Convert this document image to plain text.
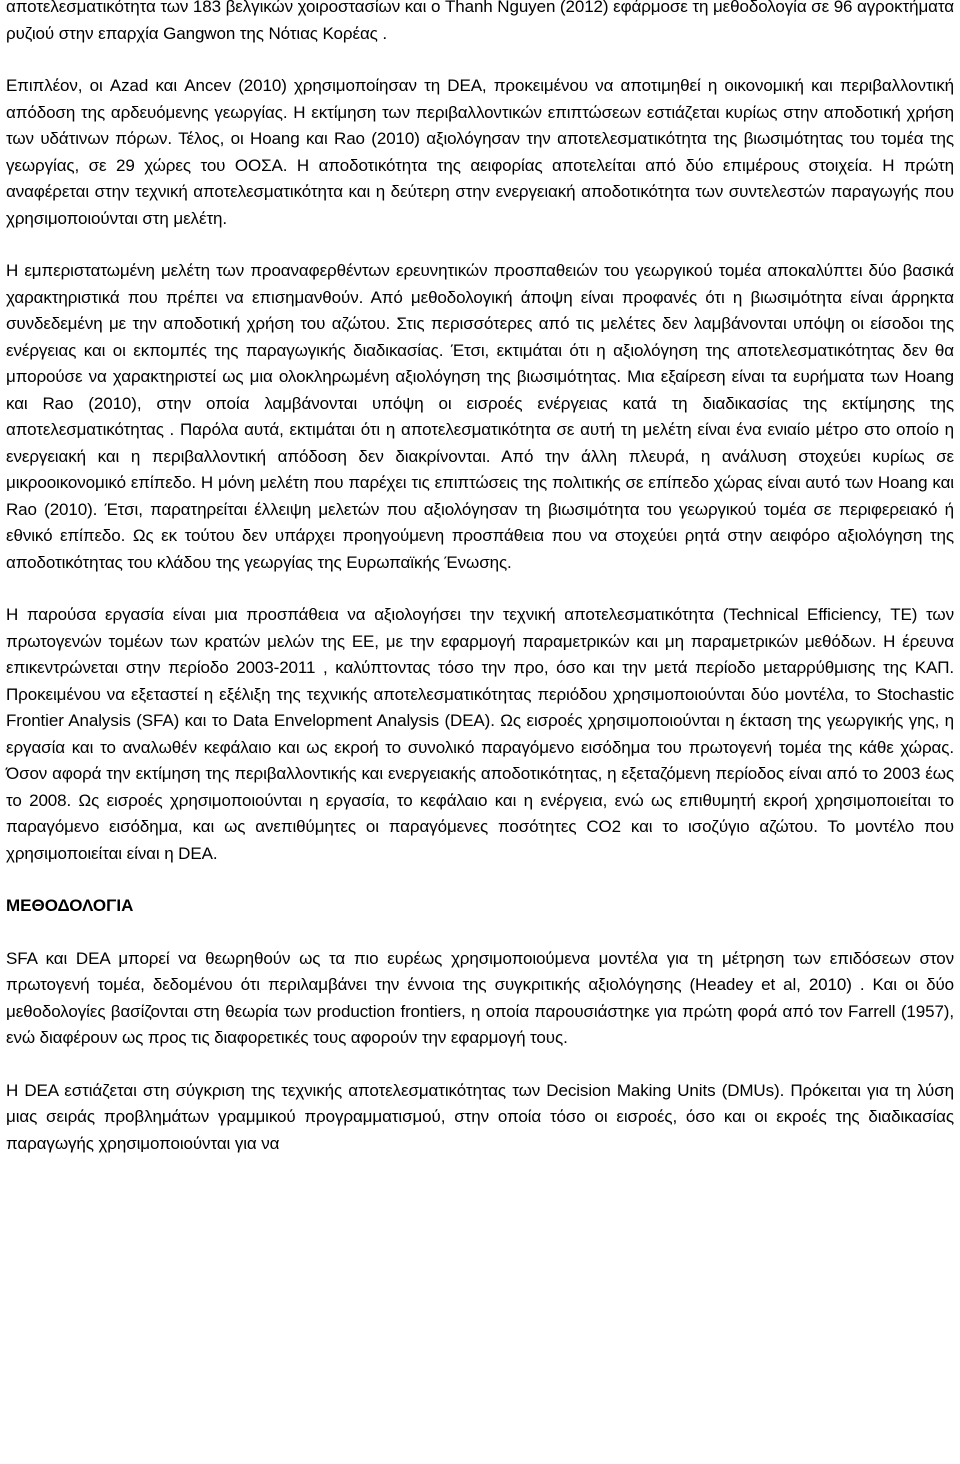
αποτελεσματικότητα των 183 βελγικών χοιροστασίων και ο Thanh Nguyen (2012) εφάρμοσε τη μεθοδολογία σε 96 αγροκτήματα ρυζιού στην επαρχία Gangwon της Νότιας Κορέας .

Επιπλέον, οι Azad και Ancev (2010) χρησιμοποίησαν τη DEA, προκειμένου να αποτιμηθεί η οικονομική και περιβαλλοντική απόδοση της αρδευόμενης γεωργίας. Η εκτίμηση των περιβαλλοντικών επιπτώσεων εστιάζεται κυρίως στην αποδοτική χρήση των υδάτινων πόρων. Τέλος, οι Hoang και Rao (2010) αξιολόγησαν την αποτελεσματικότητα της βιωσιμότητας του τομέα της γεωργίας, σε 29 χώρες του ΟΟΣΑ. Η αποδοτικότητα της αειφορίας αποτελείται από δύο επιμέρους στοιχεία. Η πρώτη αναφέρεται στην τεχνική αποτελεσματικότητα και η δεύτερη στην ενεργειακή αποδοτικότητα των συντελεστών παραγωγής που χρησιμοποιούνται στη μελέτη.

Η εμπεριστατωμένη μελέτη των προαναφερθέντων ερευνητικών προσπαθειών του γεωργικού τομέα αποκαλύπτει δύο βασικά χαρακτηριστικά που πρέπει να επισημανθούν. Από μεθοδολογική άποψη είναι προφανές ότι η βιωσιμότητα είναι άρρηκτα συνδεδεμένη με την αποδοτική χρήση του αζώτου. Στις περισσότερες από τις μελέτες δεν λαμβάνονται υπόψη οι είσοδοι της ενέργειας και οι εκπομπές της παραγωγικής διαδικασίας. Έτσι, εκτιμάται ότι η αξιολόγηση της αποτελεσματικότητας δεν θα μπορούσε να χαρακτηριστεί ως μια ολοκληρωμένη αξιολόγηση της βιωσιμότητας. Μια εξαίρεση είναι τα ευρήματα των Hoang και Rao (2010), στην οποία λαμβάνονται υπόψη οι εισροές ενέργειας κατά τη διαδικασίας της εκτίμησης της αποτελεσματικότητας . Παρόλα αυτά, εκτιμάται ότι η αποτελεσματικότητα σε αυτή τη μελέτη είναι ένα ενιαίο μέτρο στο οποίο η ενεργειακή και η περιβαλλοντική απόδοση δεν διακρίνονται. Από την άλλη πλευρά, η ανάλυση στοχεύει κυρίως σε μικροοικονομικό επίπεδο. Η μόνη μελέτη που παρέχει τις επιπτώσεις της πολιτικής σε επίπεδο χώρας είναι αυτό των Hoang και Rao (2010). Έτσι, παρατηρείται έλλειψη μελετών που αξιολόγησαν τη βιωσιμότητα του γεωργικού τομέα σε περιφερειακό ή εθνικό επίπεδο. Ως εκ τούτου δεν υπάρχει προηγούμενη προσπάθεια που να στοχεύει ρητά στην αειφόρο αξιολόγηση της αποδοτικότητας του κλάδου της γεωργίας της Ευρωπαϊκής Ένωσης.

Η παρούσα εργασία είναι μια προσπάθεια να αξιολογήσει την τεχνική αποτελεσματικότητα (Technical Efficiency, TE) των πρωτογενών τομέων των κρατών μελών της ΕΕ, με την εφαρμογή παραμετρικών και μη παραμετρικών μεθόδων. Η έρευνα επικεντρώνεται στην περίοδο 2003-2011 , καλύπτοντας τόσο την προ, όσο και την μετά περίοδο μεταρρύθμισης της ΚΑΠ. Προκειμένου να εξεταστεί η εξέλιξη της τεχνικής αποτελεσματικότητας περιόδου χρησιμοποιούνται δύο μοντέλα, το Stochastic Frontier Analysis (SFA) και το Data Envelopment Analysis (DEA). Ως εισροές χρησιμοποιούνται η έκταση της γεωργικής γης, η εργασία και το αναλωθέν κεφάλαιο και ως εκροή το συνολικό παραγόμενο εισόδημα του πρωτογενή τομέα της κάθε χώρας. Όσον αφορά την εκτίμηση της περιβαλλοντικής και ενεργειακής αποδοτικότητας, η εξεταζόμενη περίοδος είναι από το 2003 έως το 2008. Ως εισροές χρησιμοποιούνται η εργασία, το κεφάλαιο και η ενέργεια, ενώ ως επιθυμητή εκροή χρησιμοποιείται το παραγόμενο εισόδημα, και ως ανεπιθύμητες οι παραγόμενες ποσότητες CO2 και το ισοζύγιο αζώτου. Το μοντέλο που χρησιμοποιείται είναι η DEA.

ΜΕΘΟΔΟΛΟΓΙΑ

SFA και DEA μπορεί να θεωρηθούν ως τα πιο ευρέως χρησιμοποιούμενα μοντέλα για τη μέτρηση των επιδόσεων στον πρωτογενή τομέα, δεδομένου ότι περιλαμβάνει την έννοια της συγκριτικής αξιολόγησης (Headey et al, 2010) . Και οι δύο μεθοδολογίες βασίζονται στη θεωρία των production frontiers, η οποία παρουσιάστηκε για πρώτη φορά από τον Farrell (1957), ενώ διαφέρουν ως προς τις διαφορετικές τους αφορούν την εφαρμογή τους.

Η DEA εστιάζεται στη σύγκριση της τεχνικής αποτελεσματικότητας των Decision Making Units (DMUs). Πρόκειται για τη λύση μιας σειράς προβλημάτων γραμμικού προγραμματισμού, στην οποία τόσο οι εισροές, όσο και οι εκροές της διαδικασίας παραγωγής χρησιμοποιούνται για να
